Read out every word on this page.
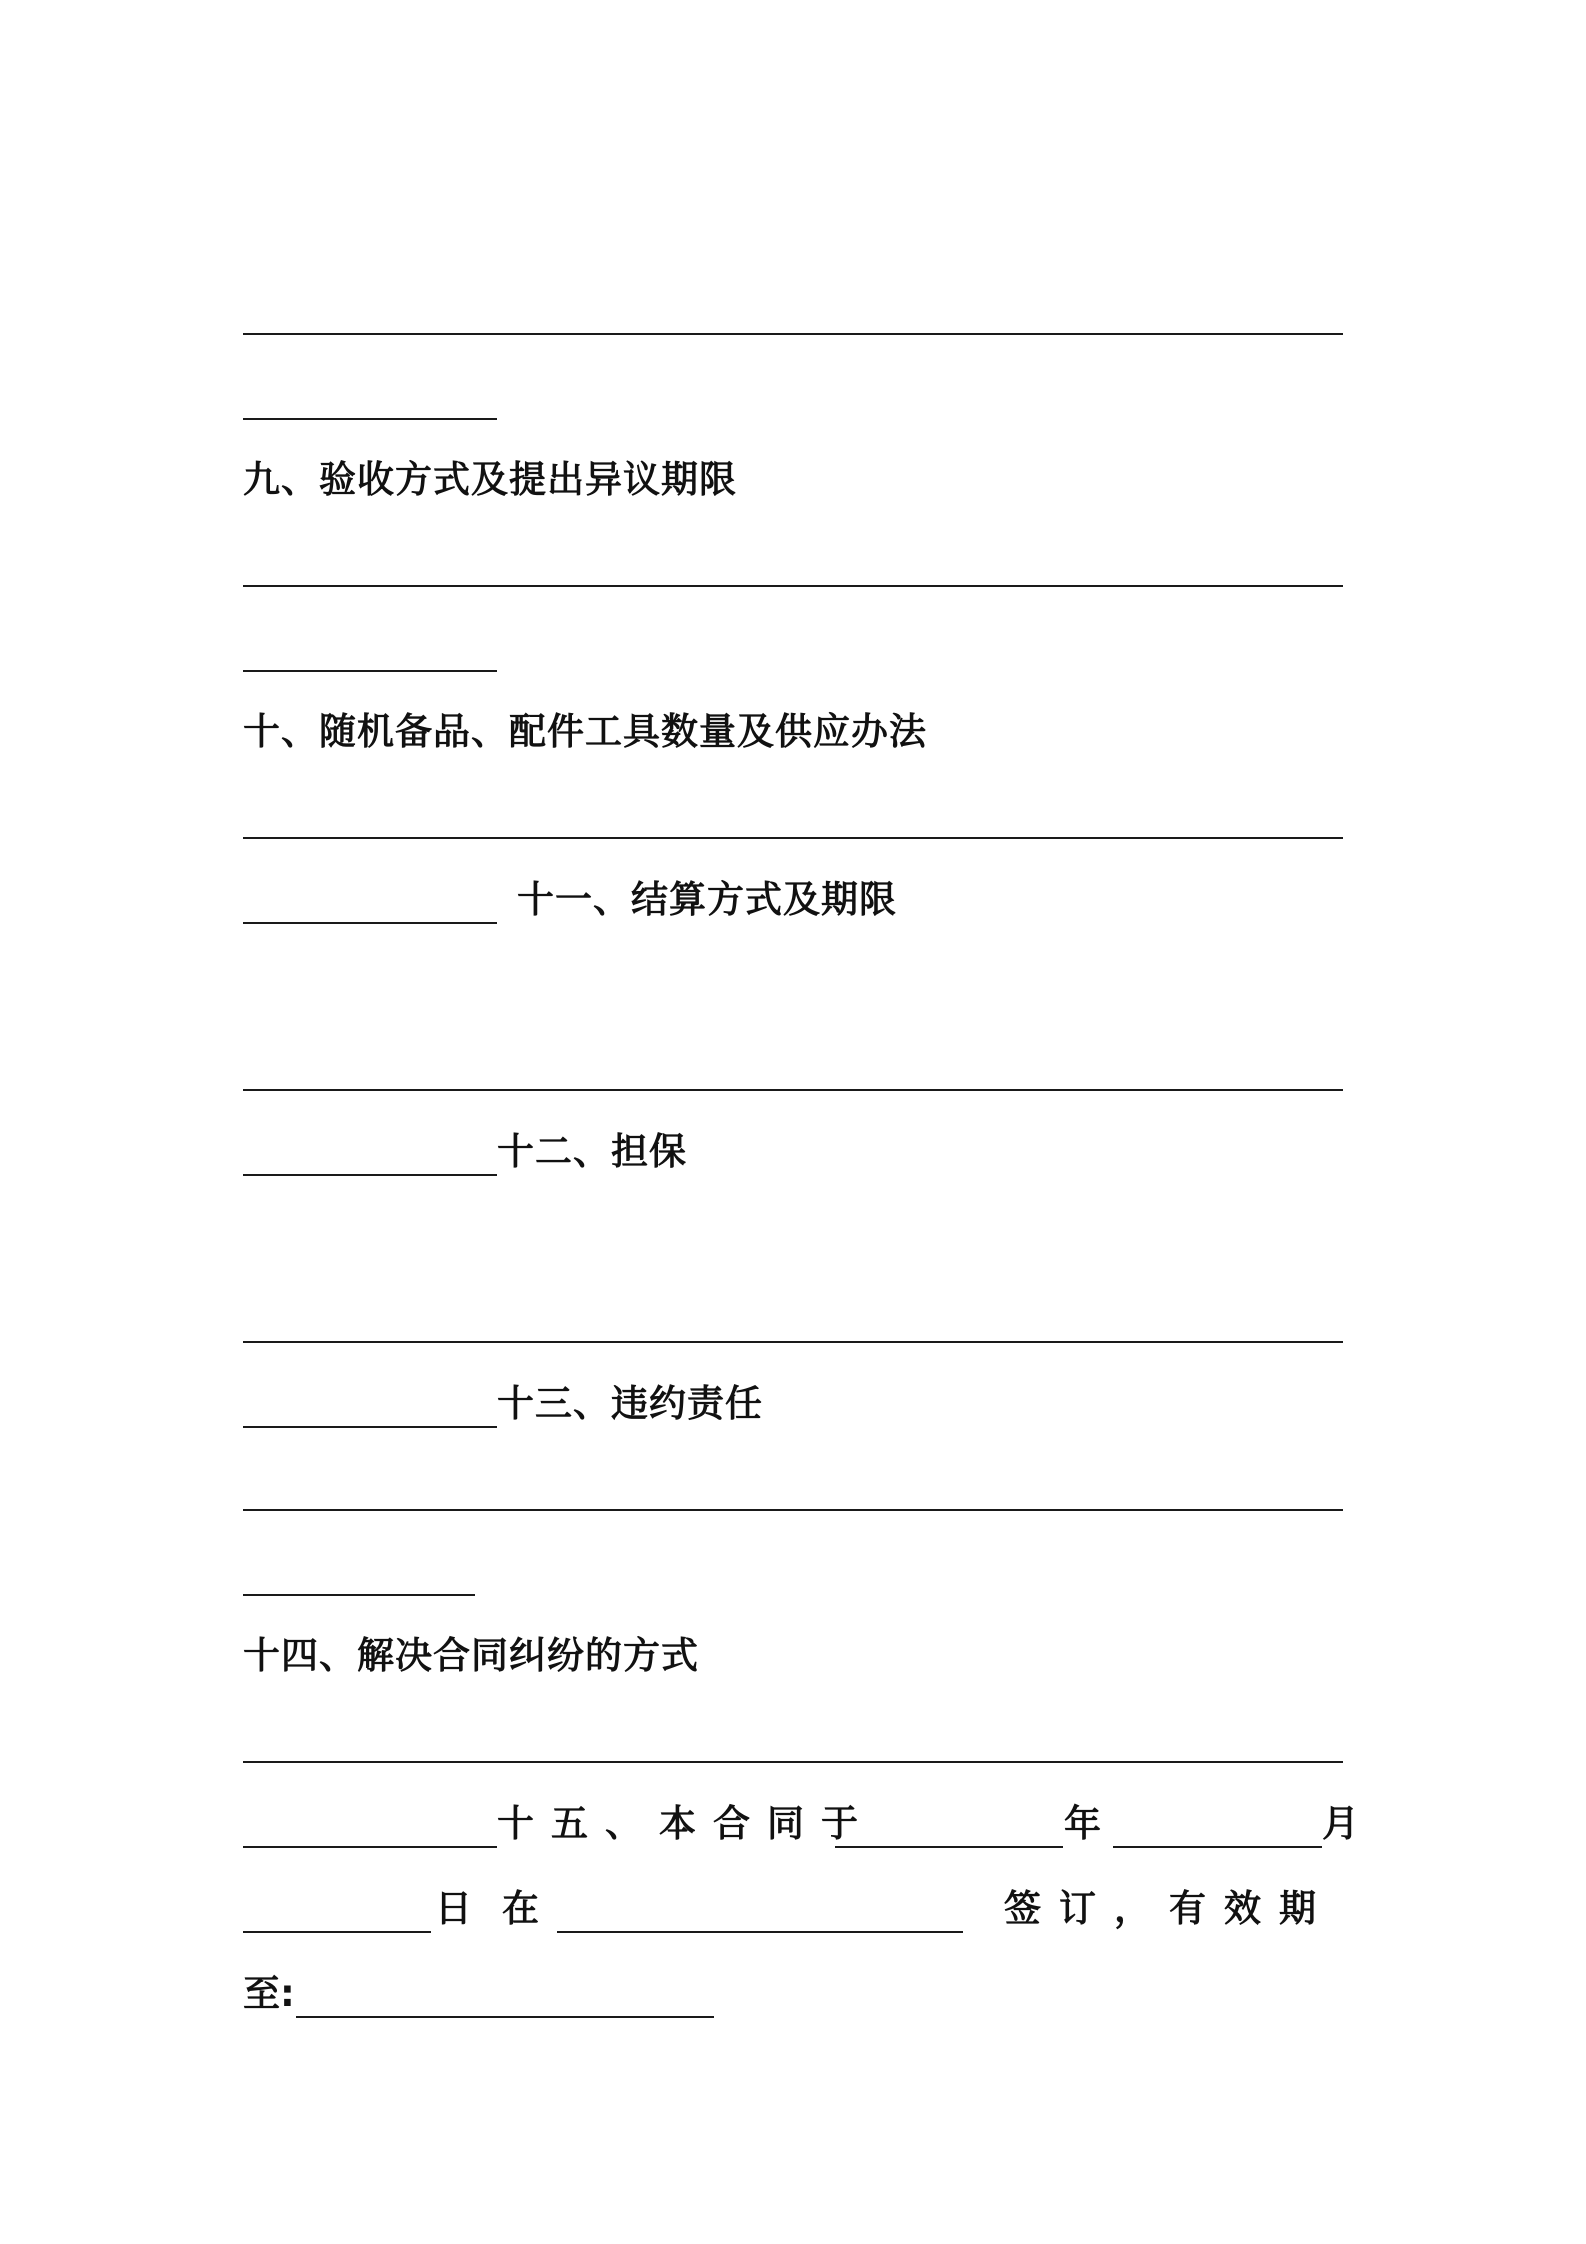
九、验收方式及提出异议期限
十、随机备品、配件工具数量及供应办法
十一、结算方式及期限
十二、担保
十三、违约责任
十四、解决合同纠纷的方式
十五、本合同于	年	月
日在	签订，有效期
至:
